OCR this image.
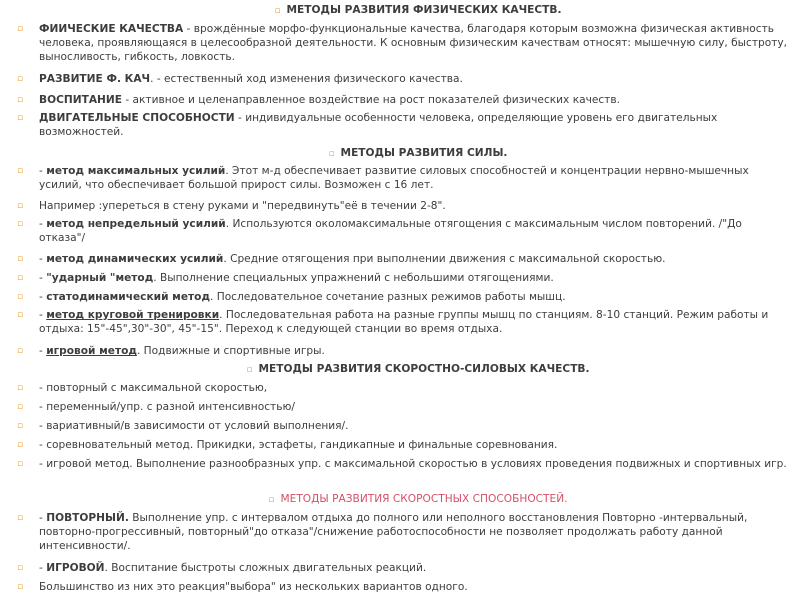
▫ МЕТОДЫ РАЗВИТИЯ ФИЗИЧЕСКИХ КАЧЕСТВ.
▫	ФИИЧЕСКИЕ КАЧЕСТВА - врождённые морфо-функциональные качества, благодаря которым возможна физическая активность человека, проявляющаяся в целесообразной деятельности. К основным физическим качествам относят: мышечную силу, быстроту, выносливость, гибкость, ловкость.
▫	РАЗВИТИЕ Ф. КАЧ. - естественный ход изменения физического качества.
▫	ВОСПИТАНИЕ - активное и целенаправленное воздействие на рост показателей физических качеств.
▫	ДВИГАТЕЛЬНЫЕ СПОСОБНОСТИ - индивидуальные особенности человека, определяющие уровень его двигательных возможностей.
▫ МЕТОДЫ РАЗВИТИЯ СИЛЫ.
▫	- метод максимальных усилий. Этот м-д обеспечивает развитие силовых способностей и концентрации нервно-мышечных усилий, что обеспечивает большой прирост силы. Возможен с 16 лет.
▫	Например :упереться в стену руками и "передвинуть"её в течении 2-8".
▫	- метод непредельный усилий. Используются околомаксимальные отягощения с максимальным числом повторений. /"До отказа"/
▫	- метод динамических усилий. Средние отягощения при выполнении движения с максимальной скоростью.
▫	- "ударный "метод. Выполнение специальных упражнений с небольшими отягощениями.
▫	- статодинамический метод. Последовательное сочетание разных режимов работы мышц.
▫	- метод круговой тренировки. Последовательная работа на разные группы мышц по станциям. 8-10 станций. Режим работы и отдыха: 15"-45",30"-30", 45"-15". Переход к следующей станции во время отдыха.
▫	- игровой метод. Подвижные и спортивные игры.
▫ МЕТОДЫ РАЗВИТИЯ СКОРОСТНО-СИЛОВЫХ КАЧЕСТВ.
▫	- повторный с максимальной скоростью,
▫	- переменный/упр. с разной интенсивностью/
▫	- вариативный/в зависимости от условий выполнения/.
▫	- соревновательный метод. Прикидки, эстафеты, гандикапные и финальные соревнования.
▫	- игровой метод. Выполнение разнообразных упр. с максимальной скоростью в условиях проведения подвижных и спортивных игр.
▫ МЕТОДЫ РАЗВИТИЯ СКОРОСТНЫХ СПОСОБНОСТЕЙ.
▫	- ПОВТОРНЫЙ. Выполнение упр. с интервалом отдыха до полного или неполного восстановления Повторно -интервальный, повторно-прогрессивный, повторный"до отказа"/снижение работоспособности не позволяет продолжать работу данной интенсивности/.
▫	- ИГРОВОЙ. Воспитание быстроты сложных двигательных реакций.
▫	Большинство из них это реакция"выбора" из нескольких вариантов одного.
